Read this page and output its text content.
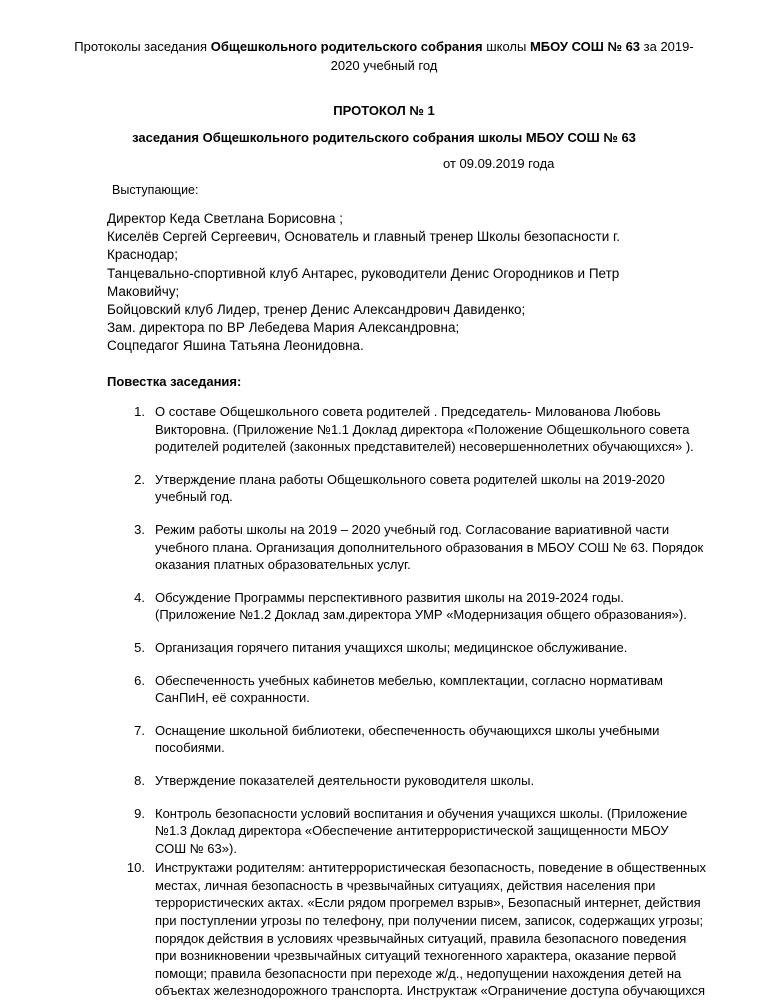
Протоколы заседания Общешкольного родительского собрания школы МБОУ СОШ № 63 за 2019-
2020 учебный год
ПРОТОКОЛ № 1
заседания Общешкольного родительского собрания школы МБОУ СОШ № 63
от 09.09.2019 года
Выступающие:
Директор Кеда Светлана Борисовна ;
Киселёв Сергей Сергеевич, Основатель и главный тренер Школы безопасности г.
Краснодар;
Танцевально-спортивной клуб Антарес, руководители Денис Огородников и Петр
Маковийчу;
Бойцовский клуб Лидер, тренер Денис Александрович Давиденко;
Зам. директора по ВР Лебедева Мария Александровна;
Соцпедагог Яшина Татьяна Леонидовна.
Повестка заседания:
1. О составе Общешкольного совета родителей . Председатель- Милованова Любовь
Викторовна. (Приложение №1.1 Доклад директора «Положение Общешкольного совета
родителей родителей (законных представителей) несовершеннолетних обучающихся» ).
2. Утверждение плана работы Общешкольного совета родителей школы на 2019-2020
учебный год.
3. Режим работы школы на 2019 – 2020 учебный год. Согласование вариативной части
учебного плана. Организация дополнительного образования в МБОУ СОШ № 63. Порядок
оказания платных образовательных услуг.
4. Обсуждение Программы перспективного развития школы на 2019-2024 годы.
(Приложение №1.2 Доклад зам.директора УМР «Модернизация общего образования»).
5. Организация горячего питания учащихся школы; медицинское обслуживание.
6. Обеспеченность учебных кабинетов мебелью, комплектации, согласно нормативам
СанПиН, её сохранности.
7. Оснащение школьной библиотеки, обеспеченность обучающихся школы учебными
пособиями.
8. Утверждение показателей деятельности руководителя школы.
9. Контроль безопасности условий воспитания и обучения учащихся школы. (Приложение
№1.3 Доклад директора «Обеспечение антитеррористической защищенности МБОУ
СОШ № 63»).
10. Инструктажи родителям: антитеррористическая безопасность, поведение в общественных
местах, личная безопасность в чрезвычайных ситуациях, действия населения при
террористических актах. «Если рядом прогремел взрыв», Безопасный интернет, действия
при поступлении угрозы по телефону, при получении писем, записок, содержащих угрозы;
порядок действия в условиях чрезвычайных ситуаций, правила безопасного поведения
при возникновении чрезвычайных ситуаций техногенного характера, оказание первой
помощи; правила безопасности при переходе ж/д., недопущении нахождения детей на
объектах железнодорожного транспорта. Инструктаж «Ограничение доступа обучающихся
